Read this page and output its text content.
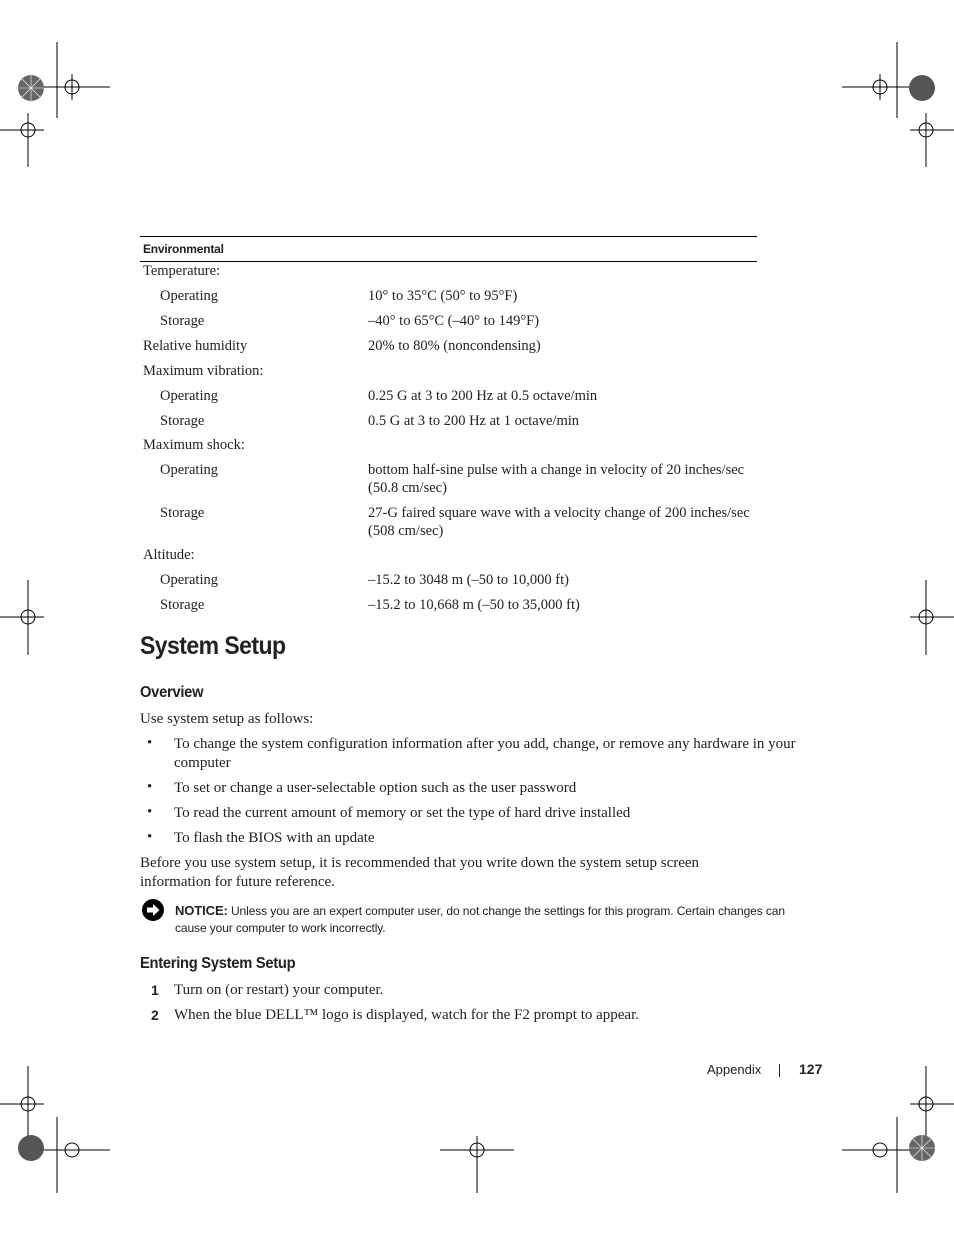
Environmental
Temperature:
Operating	10° to 35°C (50° to 95°F)
Storage	–40° to 65°C (–40° to 149°F)
Relative humidity	20% to 80% (noncondensing)
Maximum vibration:
Operating	0.25 G at 3 to 200 Hz at 0.5 octave/min
Storage	0.5 G at 3 to 200 Hz at 1 octave/min
Maximum shock:
Operating	bottom half-sine pulse with a change in velocity of 20 inches/sec (50.8 cm/sec)
Storage	27-G faired square wave with a velocity change of 200 inches/sec (508 cm/sec)
Altitude:
Operating	–15.2 to 3048 m (–50 to 10,000 ft)
Storage	–15.2 to 10,668 m (–50 to 35,000 ft)
System Setup
Overview
Use system setup as follows:
• To change the system configuration information after you add, change, or remove any hardware in your computer
• To set or change a user-selectable option such as the user password
• To read the current amount of memory or set the type of hard drive installed
• To flash the BIOS with an update
Before you use system setup, it is recommended that you write down the system setup screen information for future reference.
NOTICE: Unless you are an expert computer user, do not change the settings for this program. Certain changes can cause your computer to work incorrectly.
Entering System Setup
1 Turn on (or restart) your computer.
2 When the blue DELL™ logo is displayed, watch for the F2 prompt to appear.
Appendix	127
